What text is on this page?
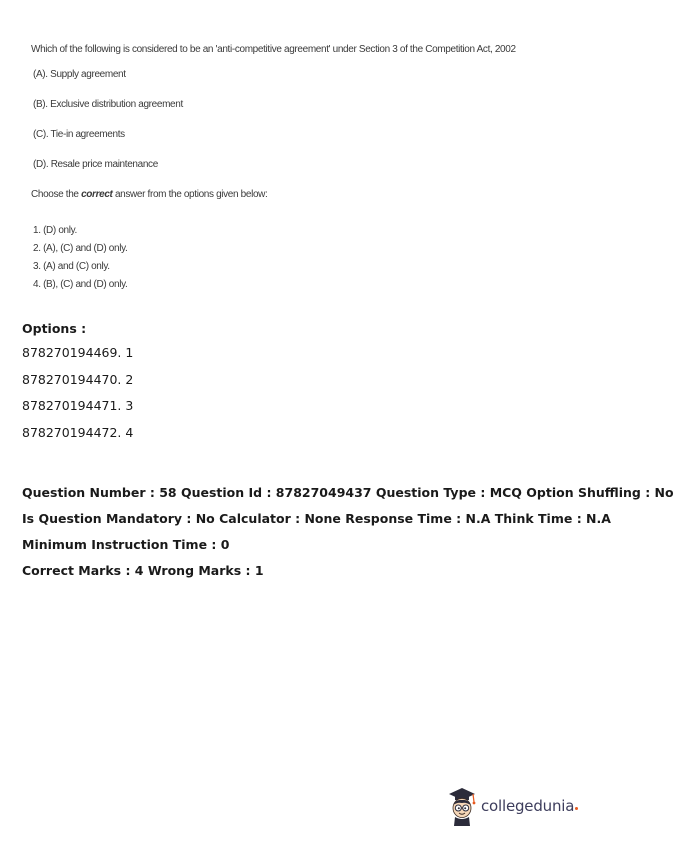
Which of the following is considered to be an 'anti-competitive agreement' under Section 3 of the Competition Act, 2002
(A). Supply agreement
(B). Exclusive distribution agreement
(C). Tie-in agreements
(D). Resale price maintenance
Choose the correct answer from the options given below:
1. (D) only.
2. (A), (C) and (D) only.
3. (A) and (C) only.
4. (B), (C) and (D) only.
Options :
878270194469. 1
878270194470. 2
878270194471. 3
878270194472. 4
Question Number : 58 Question Id : 87827049437 Question Type : MCQ Option Shuffling : No
Is Question Mandatory : No Calculator : None Response Time : N.A Think Time : N.A
Minimum Instruction Time : 0
Correct Marks : 4 Wrong Marks : 1
collegedunia
